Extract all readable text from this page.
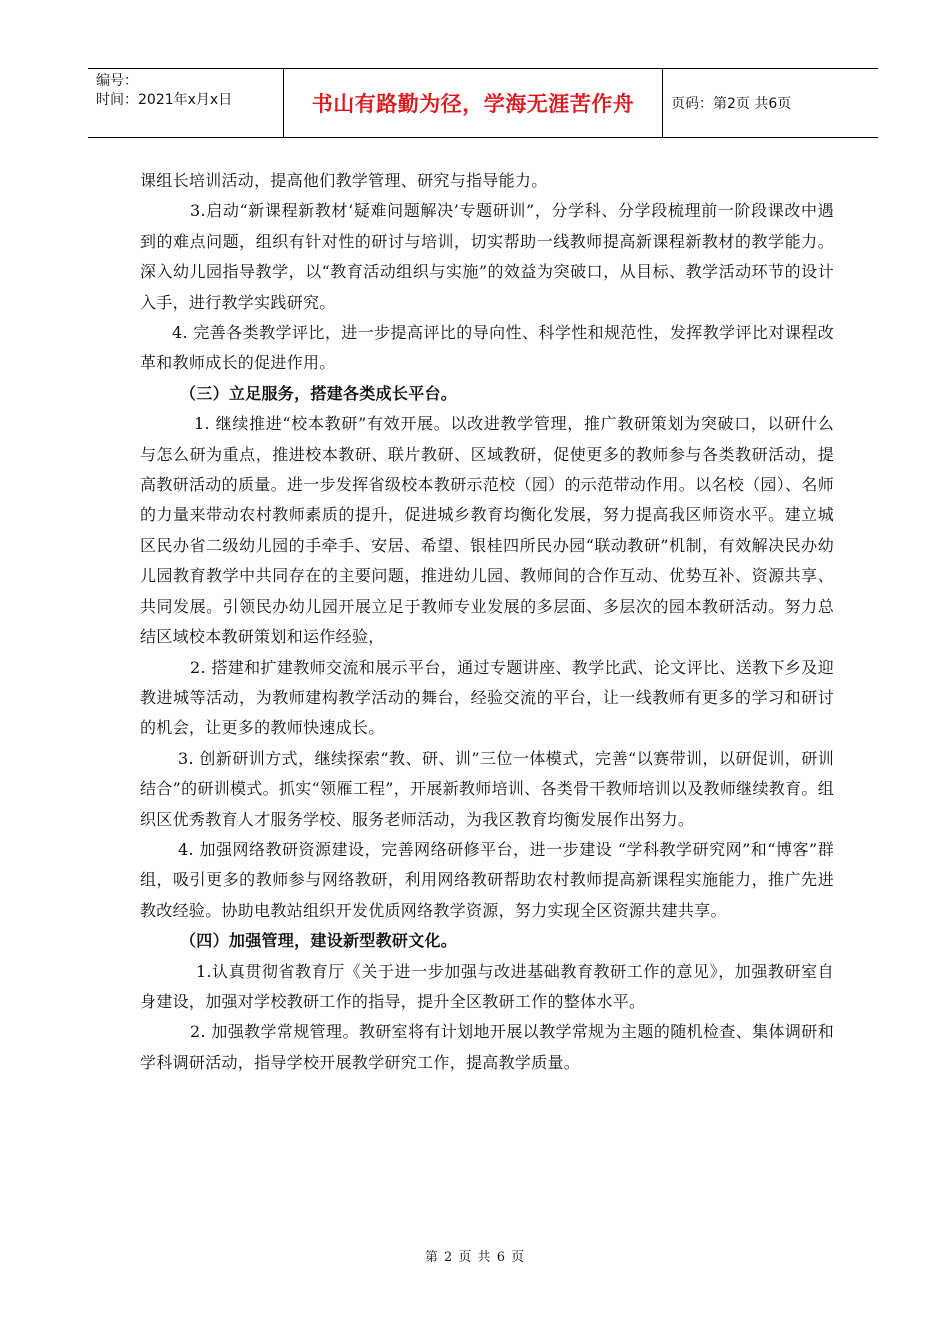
编号：
时间：2021年x月x日	书山有路勤为径，学海无涯苦作舟	页码：第2页 共6页

课组长培训活动，提高他们教学管理、研究与指导能力。

3.启动“新课程新教材‘疑难问题解决’专题研训”，分学科、分学段梳理前一阶段课改中遇到的难点问题，组织有针对性的研讨与培训，切实帮助一线教师提高新课程新教材的教学能力。深入幼儿园指导教学，以“教育活动组织与实施”的效益为突破口，从目标、教学活动环节的设计入手，进行教学实践研究。

4. 完善各类教学评比，进一步提高评比的导向性、科学性和规范性，发挥教学评比对课程改革和教师成长的促进作用。

（三）立足服务，搭建各类成长平台。

1. 继续推进“校本教研”有效开展。以改进教学管理，推广教研策划为突破口，以研什么与怎么研为重点，推进校本教研、联片教研、区域教研，促使更多的教师参与各类教研活动，提高教研活动的质量。进一步发挥省级校本教研示范校（园）的示范带动作用。以名校（园）、名师的力量来带动农村教师素质的提升，促进城乡教育均衡化发展，努力提高我区师资水平。建立城区民办省二级幼儿园的手牵手、安居、希望、银桂四所民办园“联动教研”机制，有效解决民办幼儿园教育教学中共同存在的主要问题，推进幼儿园、教师间的合作互动、优势互补、资源共享、共同发展。引领民办幼儿园开展立足于教师专业发展的多层面、多层次的园本教研活动。努力总结区域校本教研策划和运作经验，

2. 搭建和扩建教师交流和展示平台，通过专题讲座、教学比武、论文评比、送教下乡及迎教进城等活动，为教师建构教学活动的舞台，经验交流的平台，让一线教师有更多的学习和研讨的机会，让更多的教师快速成长。

3. 创新研训方式，继续探索“教、研、训”三位一体模式，完善“以赛带训，以研促训，研训结合”的研训模式。抓实“领雁工程”，开展新教师培训、各类骨干教师培训以及教师继续教育。组织区优秀教育人才服务学校、服务老师活动，为我区教育均衡发展作出努力。

4. 加强网络教研资源建设，完善网络研修平台，进一步建设 “学科教学研究网”和“博客”群组，吸引更多的教师参与网络教研，利用网络教研帮助农村教师提高新课程实施能力，推广先进教改经验。协助电教站组织开发优质网络教学资源，努力实现全区资源共建共享。

（四）加强管理，建设新型教研文化。

1.认真贯彻省教育厅《关于进一步加强与改进基础教育教研工作的意见》，加强教研室自身建设，加强对学校教研工作的指导，提升全区教研工作的整体水平。

2. 加强教学常规管理。教研室将有计划地开展以教学常规为主题的随机检查、集体调研和学科调研活动，指导学校开展教学研究工作，提高教学质量。

第 2 页 共 6 页
